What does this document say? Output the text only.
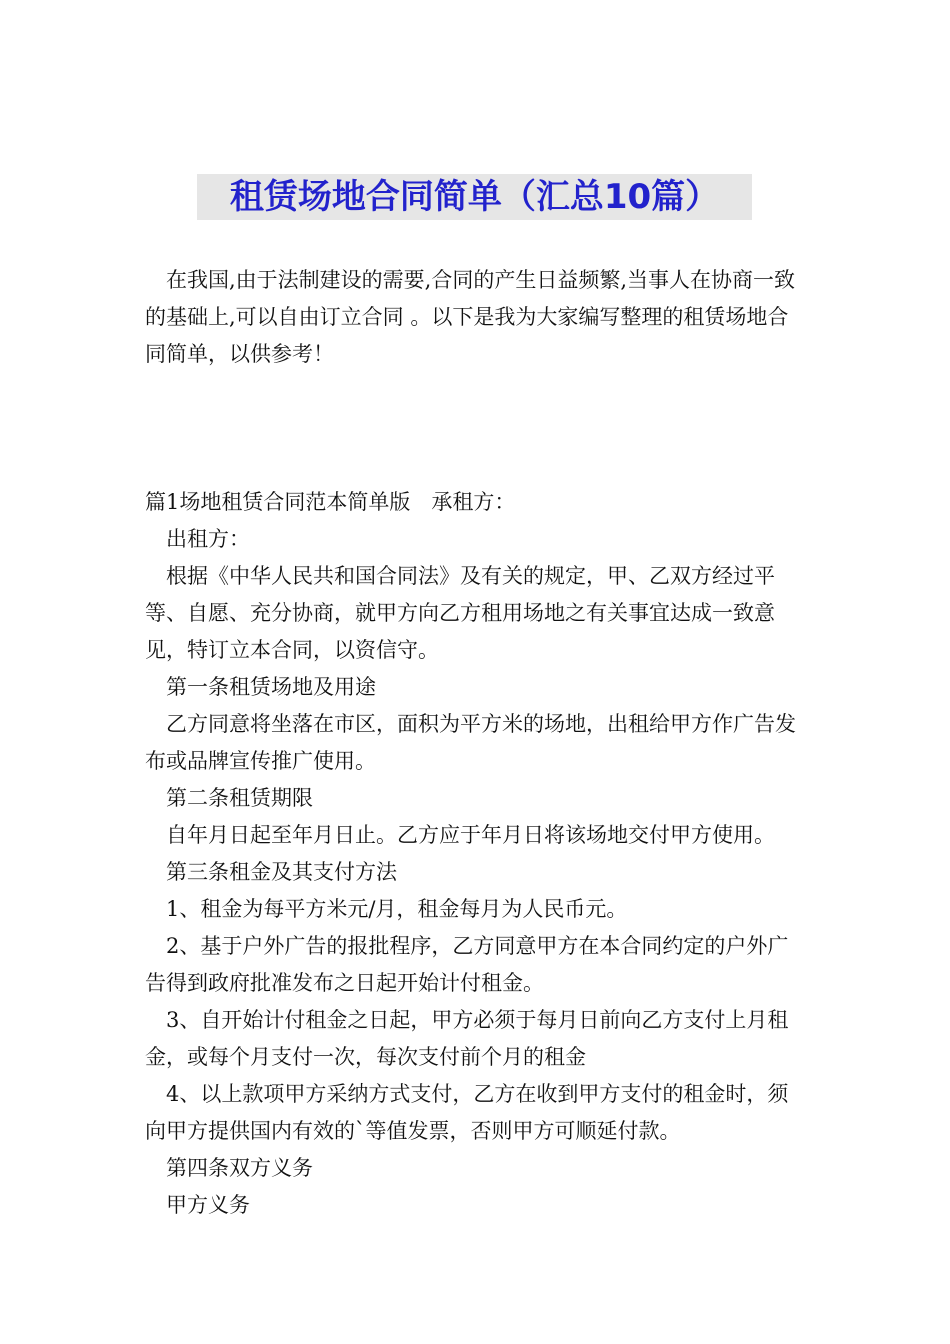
租赁场地合同简单（汇总10篇）

在我国,由于法制建设的需要,合同的产生日益频繁,当事人在协商一致的基础上,可以自由订立合同 。以下是我为大家编写整理的租赁场地合同简单，以供参考！

篇1场地租赁合同范本简单版　承租方：

出租方：

根据《中华人民共和国合同法》及有关的规定，甲、乙双方经过平等、自愿、充分协商，就甲方向乙方租用场地之有关事宜达成一致意见，特订立本合同，以资信守。

第一条租赁场地及用途

乙方同意将坐落在市区，面积为平方米的场地，出租给甲方作广告发布或品牌宣传推广使用。

第二条租赁期限

自年月日起至年月日止。乙方应于年月日将该场地交付甲方使用。

第三条租金及其支付方法

1、租金为每平方米元/月，租金每月为人民币元。

2、基于户外广告的报批程序，乙方同意甲方在本合同约定的户外广告得到政府批准发布之日起开始计付租金。

3、自开始计付租金之日起，甲方必须于每月日前向乙方支付上月租金，或每个月支付一次，每次支付前个月的租金

4、以上款项甲方采纳方式支付，乙方在收到甲方支付的租金时，须向甲方提供国内有效的`等值发票，否则甲方可顺延付款。

第四条双方义务

甲方义务
